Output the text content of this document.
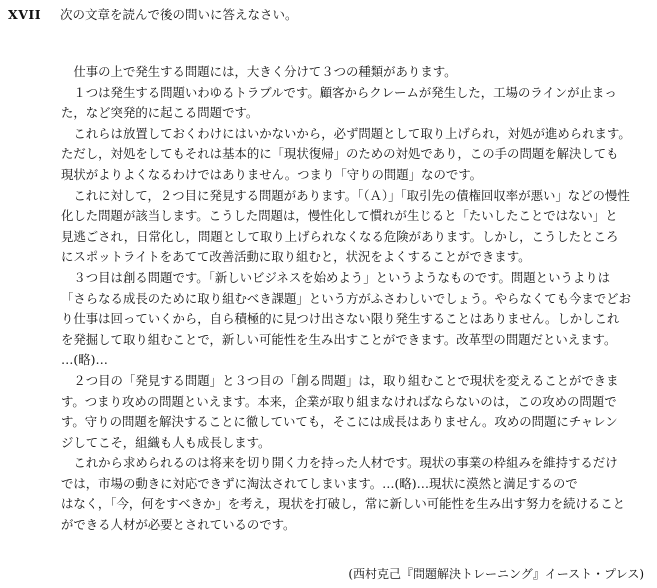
XVII 次の文章を読んで後の問いに答えなさい。
　仕事の上で発生する問題には，大きく分けて３つの種類があります。
　１つは発生する問題いわゆるトラブルです。顧客からクレームが発生した，工場のラインが止まっ
た，など突発的に起こる問題です。
　これらは放置しておくわけにはいかないから，必ず問題として取り上げられ，対処が進められます。
ただし，対処をしてもそれは基本的に「現状復帰」のための対処であり，この手の問題を解決しても
現状がよりよくなるわけではありません。つまり「守りの問題」なのです。
　これに対して，２つ目に発見する問題があります。「（Ａ）」「取引先の債権回収率が悪い」などの慢性
化した問題が該当します。こうした問題は，慢性化して慣れが生じると「たいしたことではない」と
見逃ごされ，日常化し，問題として取り上げられなくなる危険があります。しかし，こうしたところ
にスポットライトをあてて改善活動に取り組むと，状況をよくすることができます。
　３つ目は創る問題です。「新しいビジネスを始めよう」というようなものです。問題というよりは
「さらなる成長のために取り組むべき課題」という方がふさわしいでしょう。やらなくても今までどお
り仕事は回っていくから，自ら積極的に見つけ出さない限り発生することはありません。しかしこれ
を発掘して取り組むことで，新しい可能性を生み出すことができます。改革型の問題だといえます。
…(略)…
　２つ目の「発見する問題」と３つ目の「創る問題」は，取り組むことで現状を変えることができま
す。つまり攻めの問題といえます。本来，企業が取り組まなければならないのは，この攻めの問題で
す。守りの問題を解決することに徹していても，そこには成長はありません。攻めの問題にチャレン
ジしてこそ，組織も人も成長します。
　これから求められるのは将来を切り開く力を持った人材です。現状の事業の枠組みを維持するだけ
では，市場の動きに対応できずに淘汰されてしまいます。…(略)…現状に漠然と満足するので
はなく，「今，何をすべきか」を考え，現状を打破し，常に新しい可能性を生み出す努力を続けること
ができる人材が必要とされているのです。
(西村克己『問題解決トレーニング』イースト・プレス)
